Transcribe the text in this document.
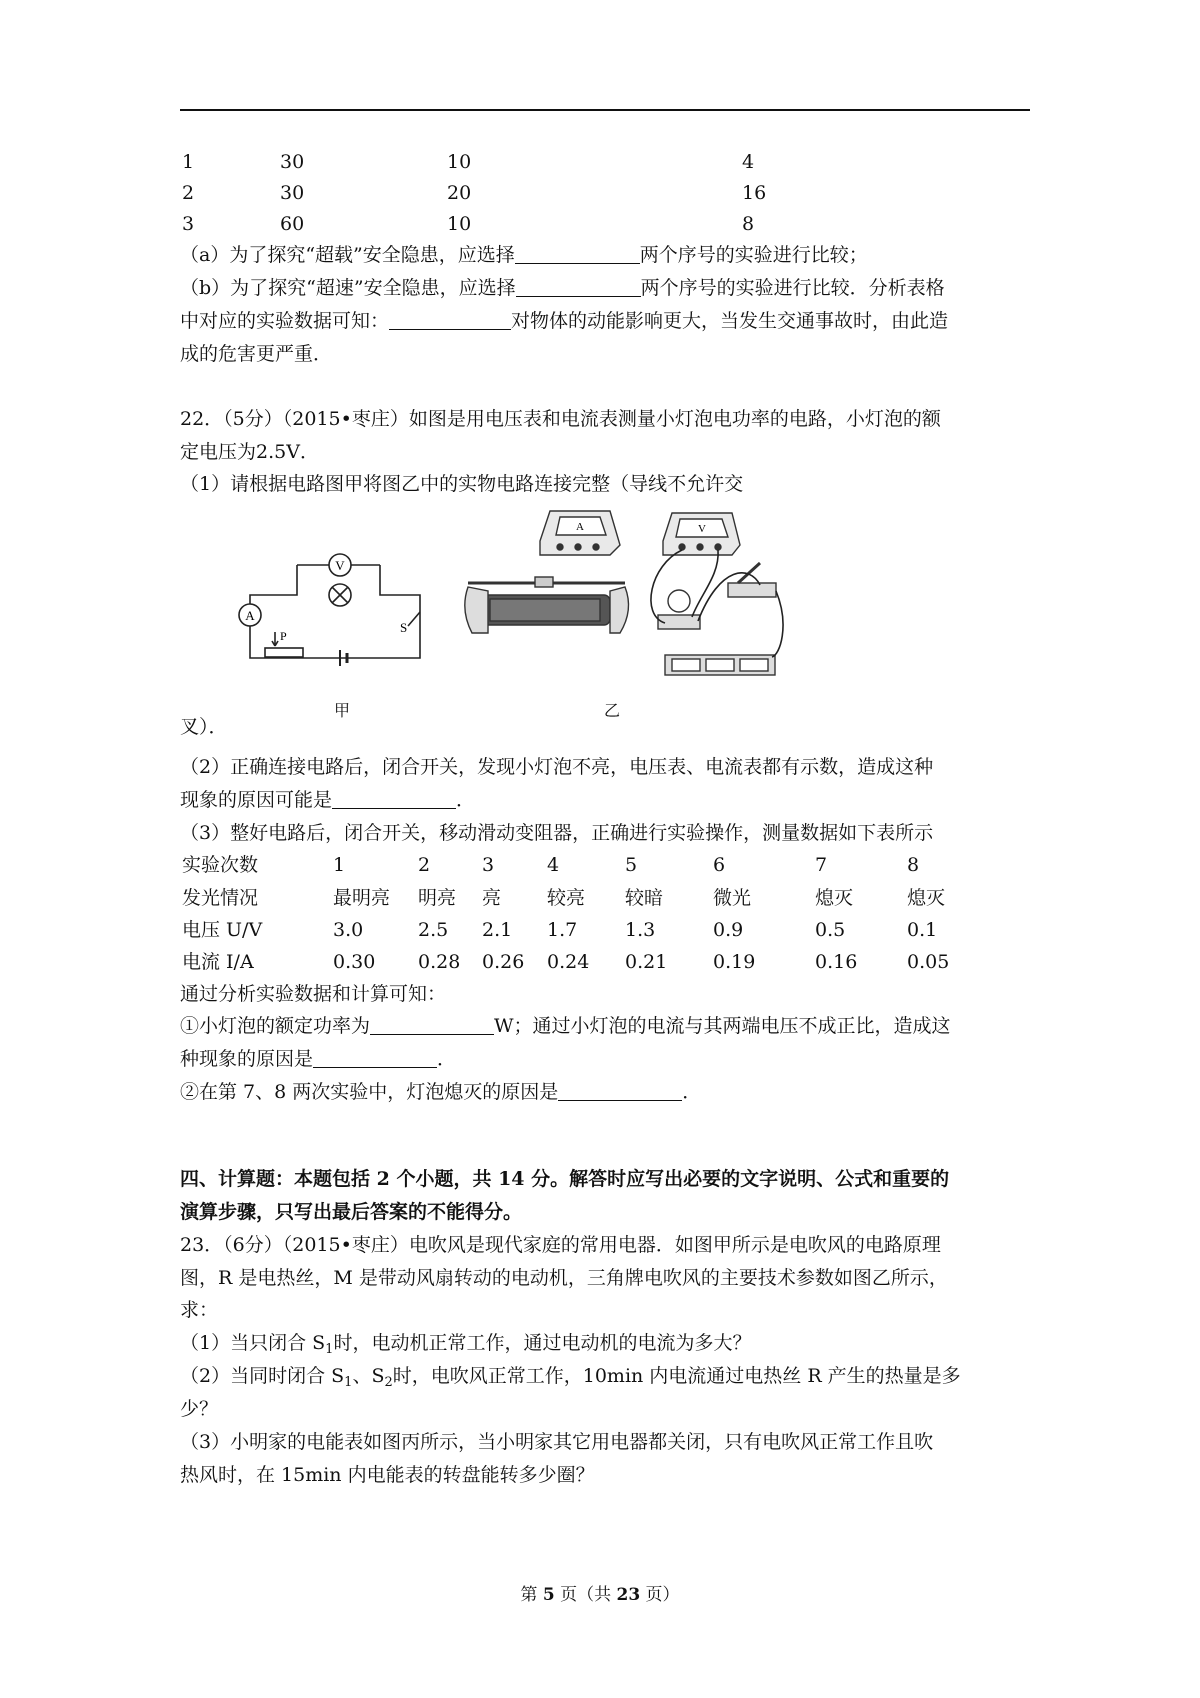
1	30	10	4
2	30	20	16
3	60	10	8
（a）为了探究“超载”安全隐患，应选择	两个序号的实验进行比较；
（b）为了探究“超速”安全隐患，应选择	两个序号的实验进行比较．分析表格
中对应的实验数据可知：	对物体的动能影响更大，当发生交通事故时，由此造
成的危害更严重．
22．（5分）（2015•枣庄）如图是用电压表和电流表测量小灯泡电功率的电路，小灯泡的额
定电压为2.5V．
（1）请根据电路图甲将图乙中的实物电路连接完整（导线不允许交
V
A
P
S
甲
A	V
乙
叉）．
（2）正确连接电路后，闭合开关，发现小灯泡不亮，电压表、电流表都有示数，造成这种
现象的原因可能是	．
（3）整好电路后，闭合开关，移动滑动变阻器，正确进行实验操作，测量数据如下表所示
实验次数	1	2	3	4	5	6	7	8
发光情况	最明亮 明亮 亮 较亮 较暗	微光	熄灭	熄灭
电压 U/V	3.0	2.5 2.1 1.7	1.3	0.9	0.5	0.1
电流 I/A	0.30 0.28 0.26 0.24 0.21 0.19	0.16	0.05
通过分析实验数据和计算可知：
①小灯泡的额定功率为	W；通过小灯泡的电流与其两端电压不成正比，造成这
种现象的原因是	．
②在第 7、8 两次实验中，灯泡熄灭的原因是	．
四、计算题：本题包括 2 个小题，共 14 分。解答时应写出必要的文字说明、公式和重要的
演算步骤，只写出最后答案的不能得分。
23．（6分）（2015•枣庄）电吹风是现代家庭的常用电器．如图甲所示是电吹风的电路原理
图，R 是电热丝，M 是带动风扇转动的电动机，三角牌电吹风的主要技术参数如图乙所示，
求：
（1）当只闭合 $S_1$时，电动机正常工作，通过电动机的电流为多大？
（2）当同时闭合 $S_1$、$S_2$时，电吹风正常工作，10min 内电流通过电热丝 R 产生的热量是多
少？
（3）小明家的电能表如图丙所示，当小明家其它用电器都关闭，只有电吹风正常工作且吹
热风时，在 15min 内电能表的转盘能转多少圈？
第 5 页（共 23 页）
